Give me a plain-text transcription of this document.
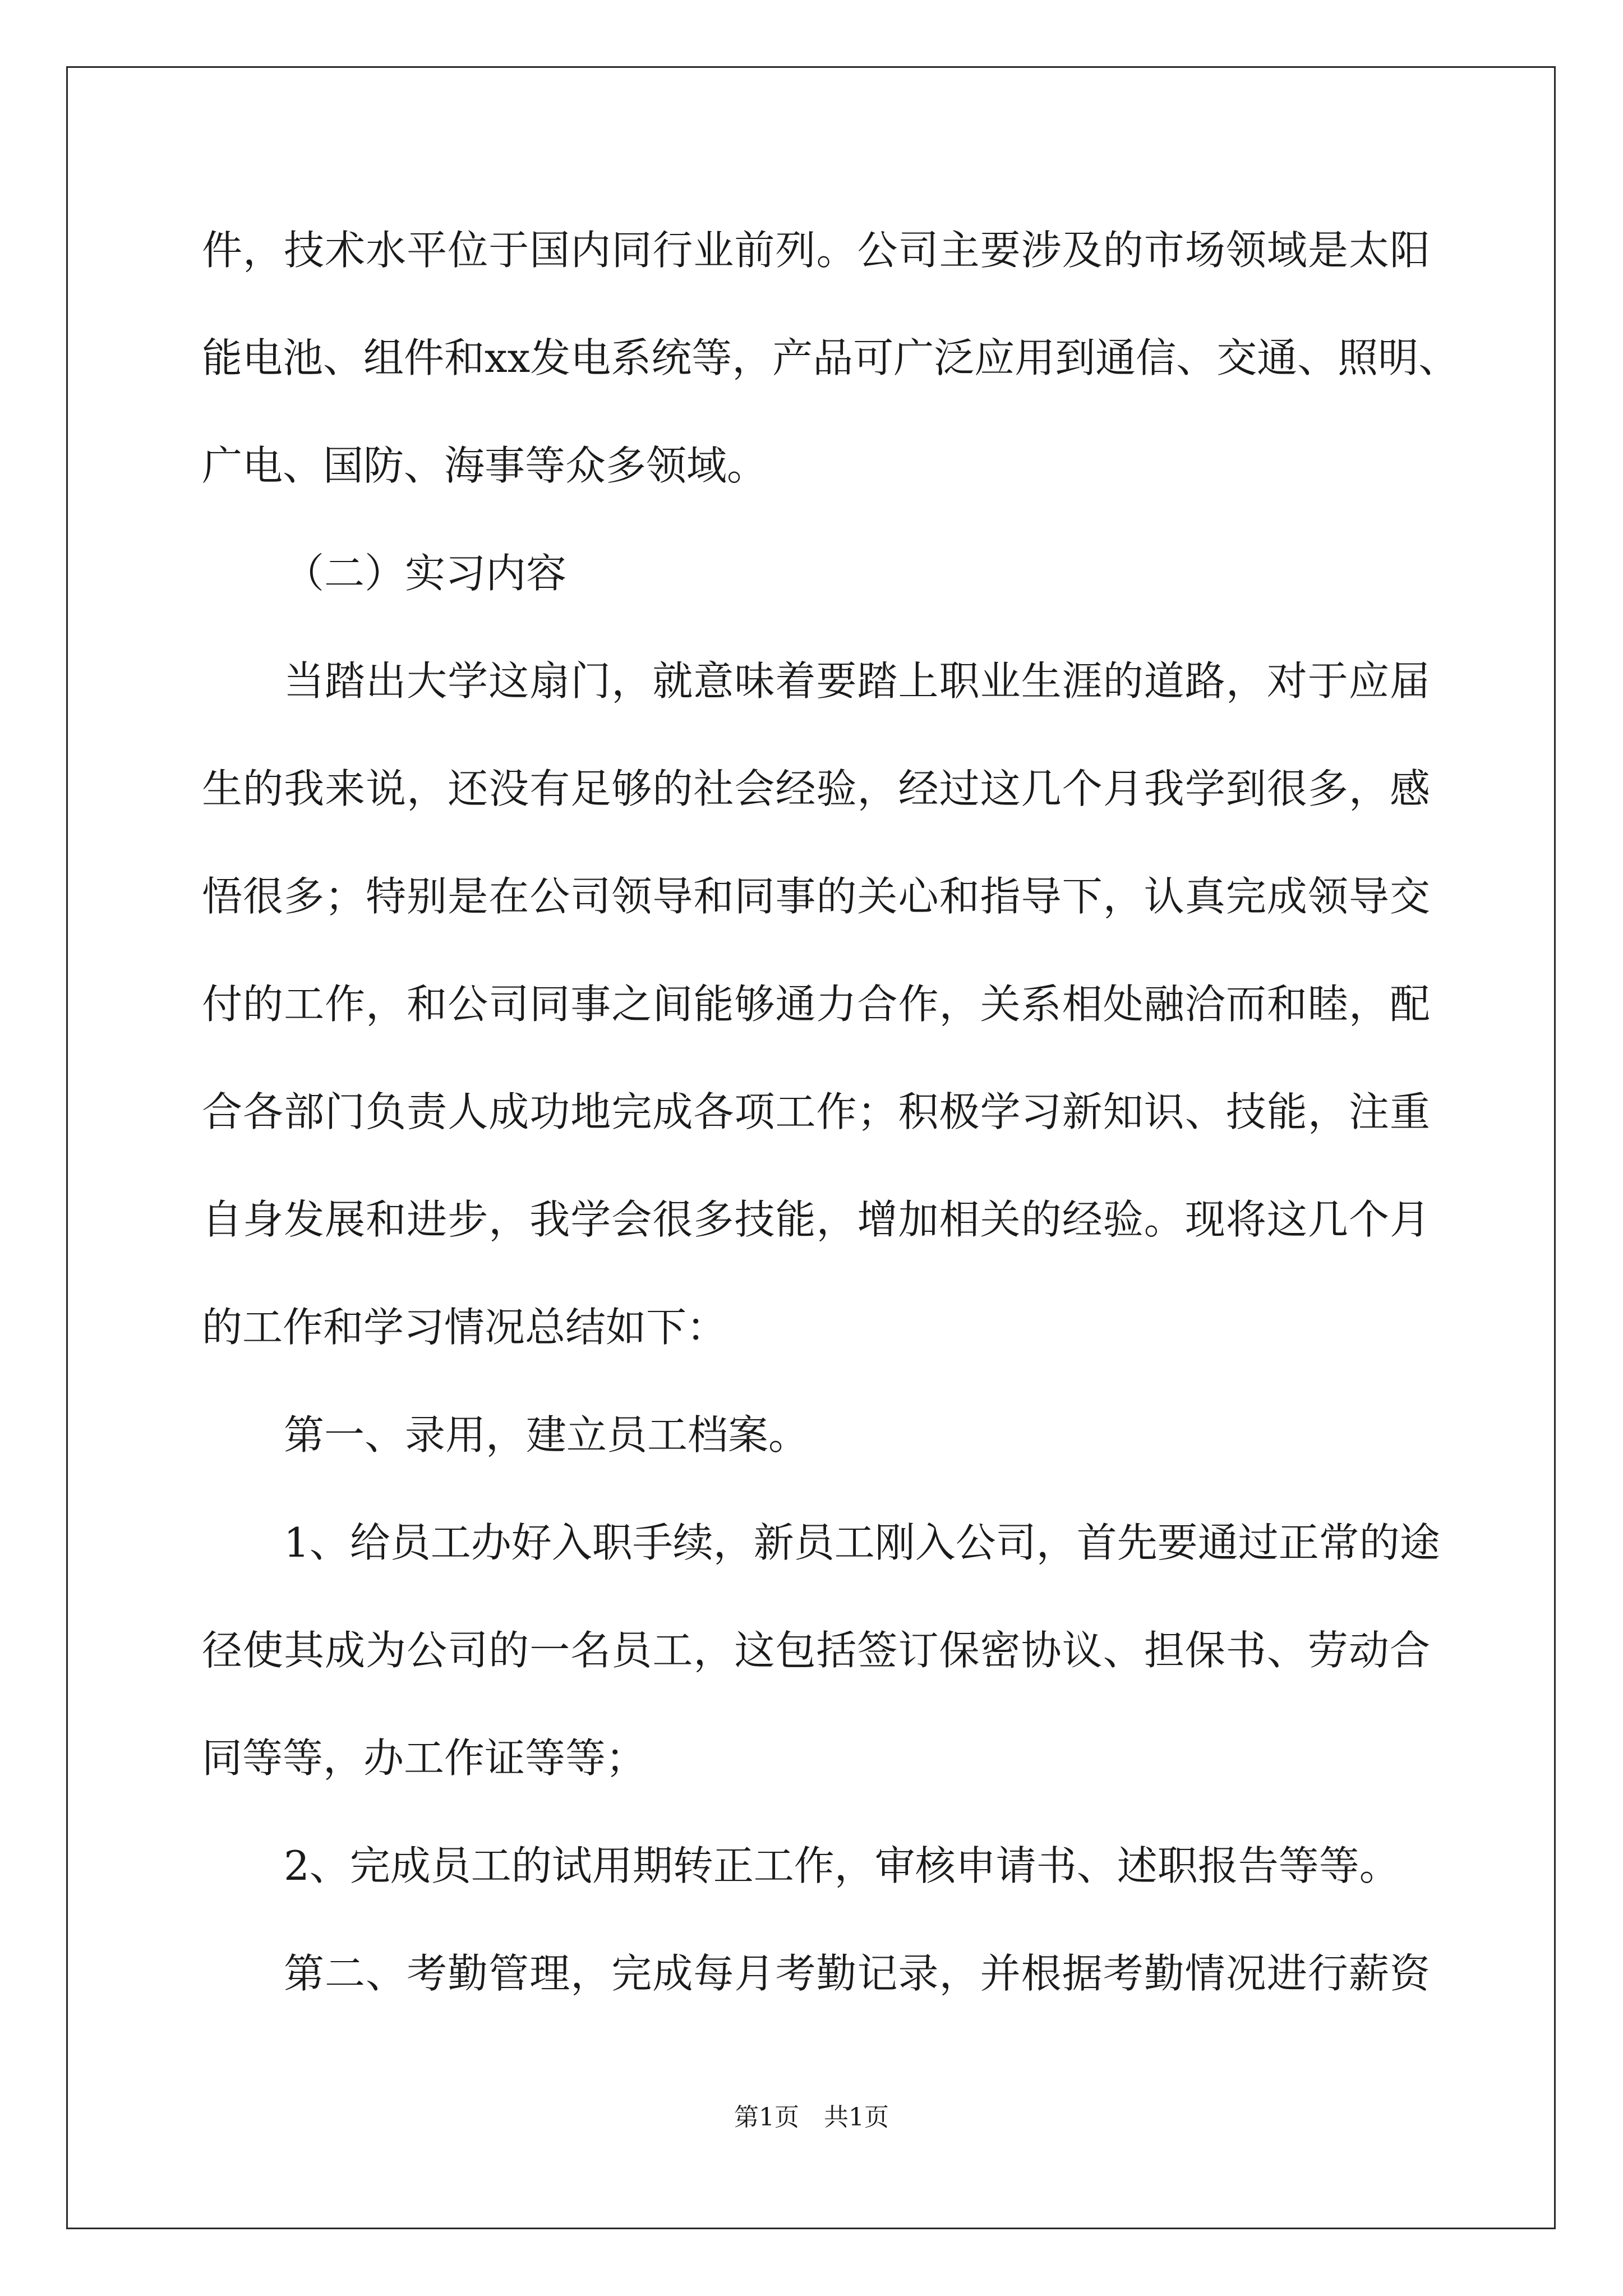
件，技术水平位于国内同行业前列。公司主要涉及的市场领域是太阳
能电池、组件和xx发电系统等，产品可广泛应用到通信、交通、照明、
广电、国防、海事等众多领域。
（二）实习内容
当踏出大学这扇门，就意味着要踏上职业生涯的道路，对于应届
生的我来说，还没有足够的社会经验，经过这几个月我学到很多，感
悟很多；特别是在公司领导和同事的关心和指导下，认真完成领导交
付的工作，和公司同事之间能够通力合作，关系相处融洽而和睦，配
合各部门负责人成功地完成各项工作；积极学习新知识、技能，注重
自身发展和进步，我学会很多技能，增加相关的经验。现将这几个月
的工作和学习情况总结如下：
第一、录用，建立员工档案。
1、给员工办好入职手续，新员工刚入公司，首先要通过正常的途
径使其成为公司的一名员工，这包括签订保密协议、担保书、劳动合
同等等，办工作证等等；
2、完成员工的试用期转正工作，审核申请书、述职报告等等。
第二、考勤管理，完成每月考勤记录，并根据考勤情况进行薪资
第1页　共1页
